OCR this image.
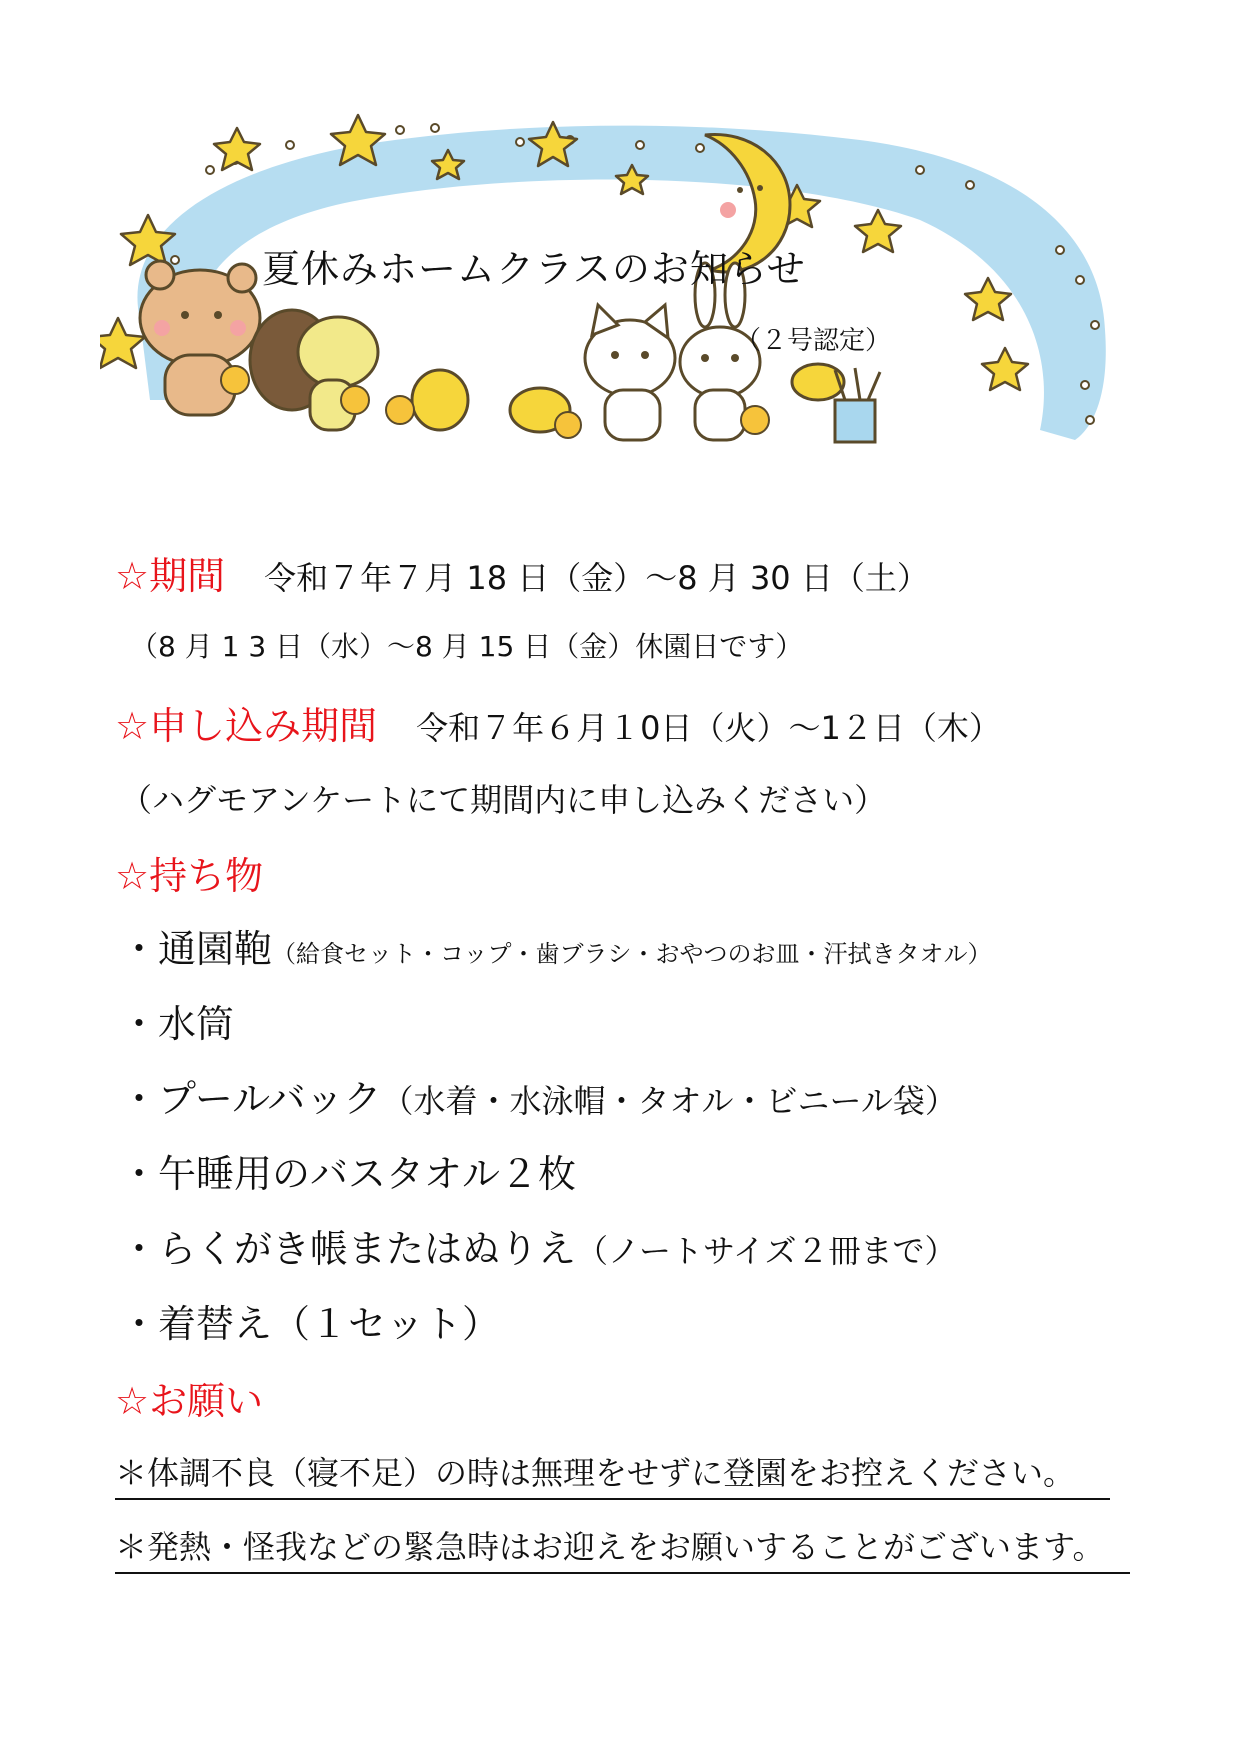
夏休みホームクラスのお知らせ
（２号認定）
☆期間 令和７年７月 18 日（金）～8 月 30 日（土）
（8 月 1 3 日（水）～8 月 15 日（金）休園日です）
☆申し込み期間 令和７年６月１0日（火）～1２日（木）
（ハグモアンケートにて期間内に申し込みください）
☆持ち物
・通園鞄（給食セット・コップ・歯ブラシ・おやつのお皿・汗拭きタオル）
・水筒
・プールバック（水着・水泳帽・タオル・ビニール袋）
・午睡用のバスタオル２枚
・らくがき帳またはぬりえ（ノートサイズ２冊まで）
・着替え（１セット）
☆お願い
＊体調不良（寝不足）の時は無理をせずに登園をお控えください。
＊発熱・怪我などの緊急時はお迎えをお願いすることがございます。
